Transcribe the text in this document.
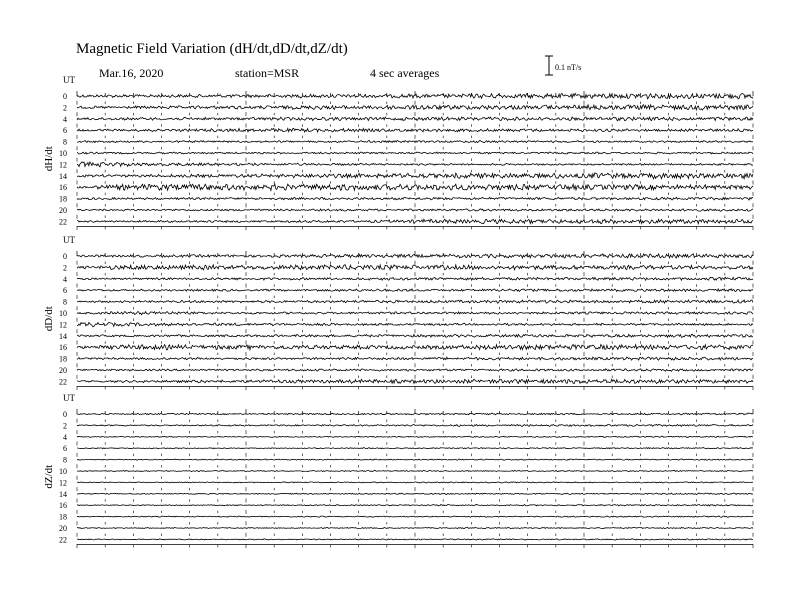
Magnetic Field Variation (dH/dt,dD/dt,dZ/dt)
Mar.16, 2020	station=MSR	4 sec averages	0.1 nT/s
UT
dH/dt
0
2
4
6
8
10
12
14
16
18
20
22
UT
dD/dt
0
2
4
6
8
10
12
14
16
18
20
22
UT
dZ/dt
0
2
4
6
8
10
12
14
16
18
20
22
